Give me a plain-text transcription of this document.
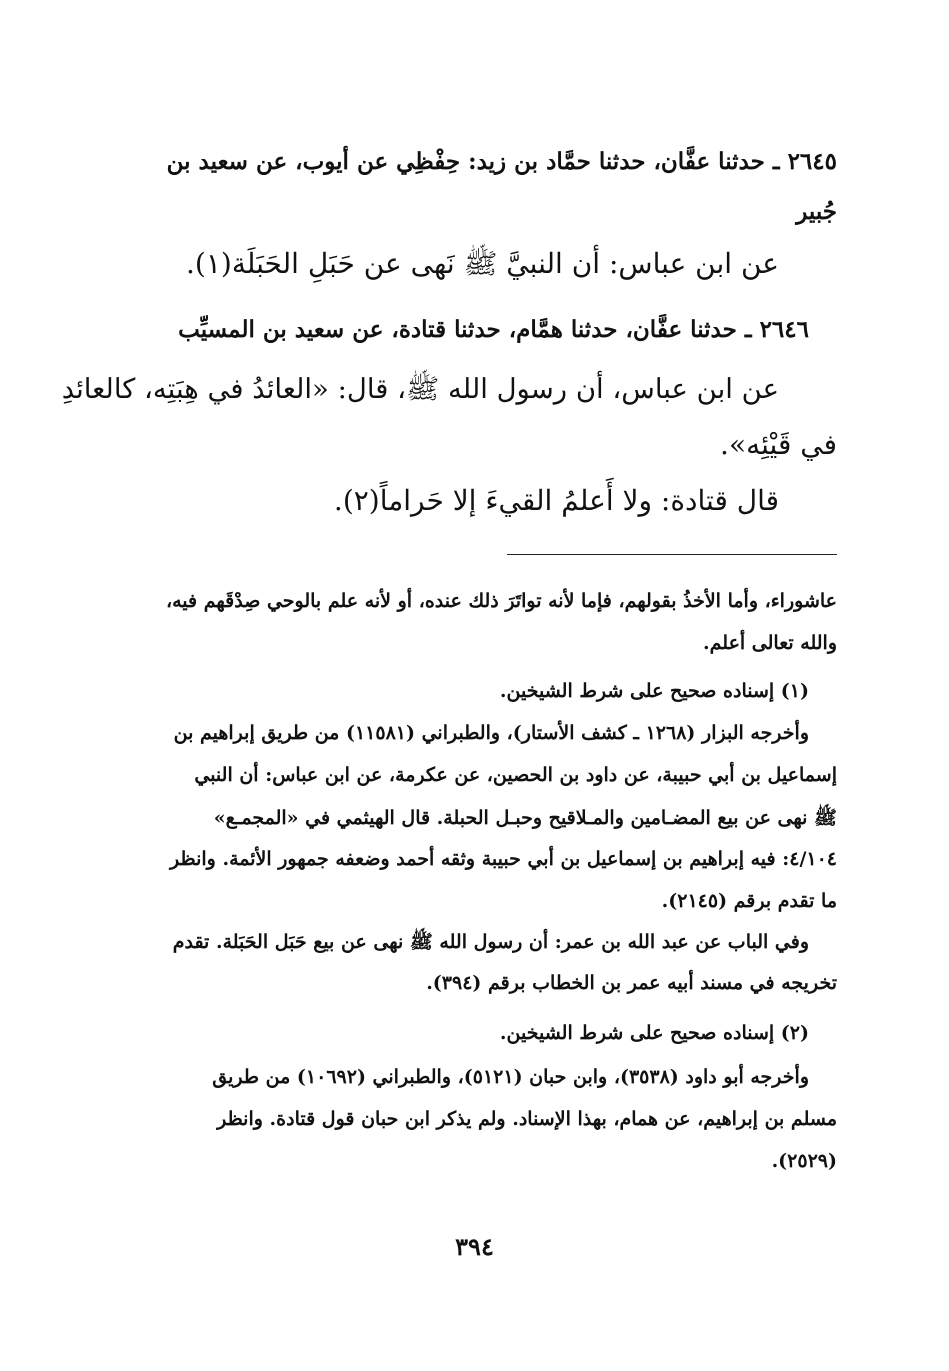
٢٦٤٥ ـ حدثنا عفَّان، حدثنا حمَّاد بن زيد: حِفْظِي عن أيوب، عن سعيد بن
جُبير
عن ابن عباس: أن النبيَّ ﷺ نَهى عن حَبَلِ الحَبَلَة(١).
٢٦٤٦ ـ حدثنا عفَّان، حدثنا همَّام، حدثنا قتادة، عن سعيد بن المسيِّب
عن ابن عباس، أن رسول الله ﷺ، قال: «العائدُ في هِبَتِه، كالعائدِ
في قَيْئِه».
قال قتادة: ولا أَعلمُ القيءَ إلا حَراماً(٢).
عاشوراء، وأما الأخذُ بقولهم، فإما لأنه تواتَرَ ذلك عنده، أو لأنه علم بالوحي صِدْقَهم فيه،
والله تعالى أعلم.
(١) إسناده صحيح على شرط الشيخين.
وأخرجه البزار (١٢٦٨ ـ كشف الأستار)، والطبراني (١١٥٨١) من طريق إبراهيم بن
إسماعيل بن أبي حبيبة، عن داود بن الحصين، عن عكرمة، عن ابن عباس: أن النبي
ﷺ نهى عن بيع المضـامين والمـلاقيح وحبـل الحبلة. قال الهيثمي في «المجمـع»
٤/١٠٤: فيه إبراهيم بن إسماعيل بن أبي حبيبة وثقه أحمد وضعفه جمهور الأئمة. وانظر
ما تقدم برقم (٢١٤٥).
وفي الباب عن عبد الله بن عمر: أن رسول الله ﷺ نهى عن بيع حَبَل الحَبَلة. تقدم
تخريجه في مسند أبيه عمر بن الخطاب برقم (٣٩٤).
(٢) إسناده صحيح على شرط الشيخين.
وأخرجه أبو داود (٣٥٣٨)، وابن حبان (٥١٢١)، والطبراني (١٠٦٩٢) من طريق
مسلم بن إبراهيم، عن همام، بهذا الإسناد. ولم يذكر ابن حبان قول قتادة. وانظر
(٢٥٢٩).
٣٩٤
